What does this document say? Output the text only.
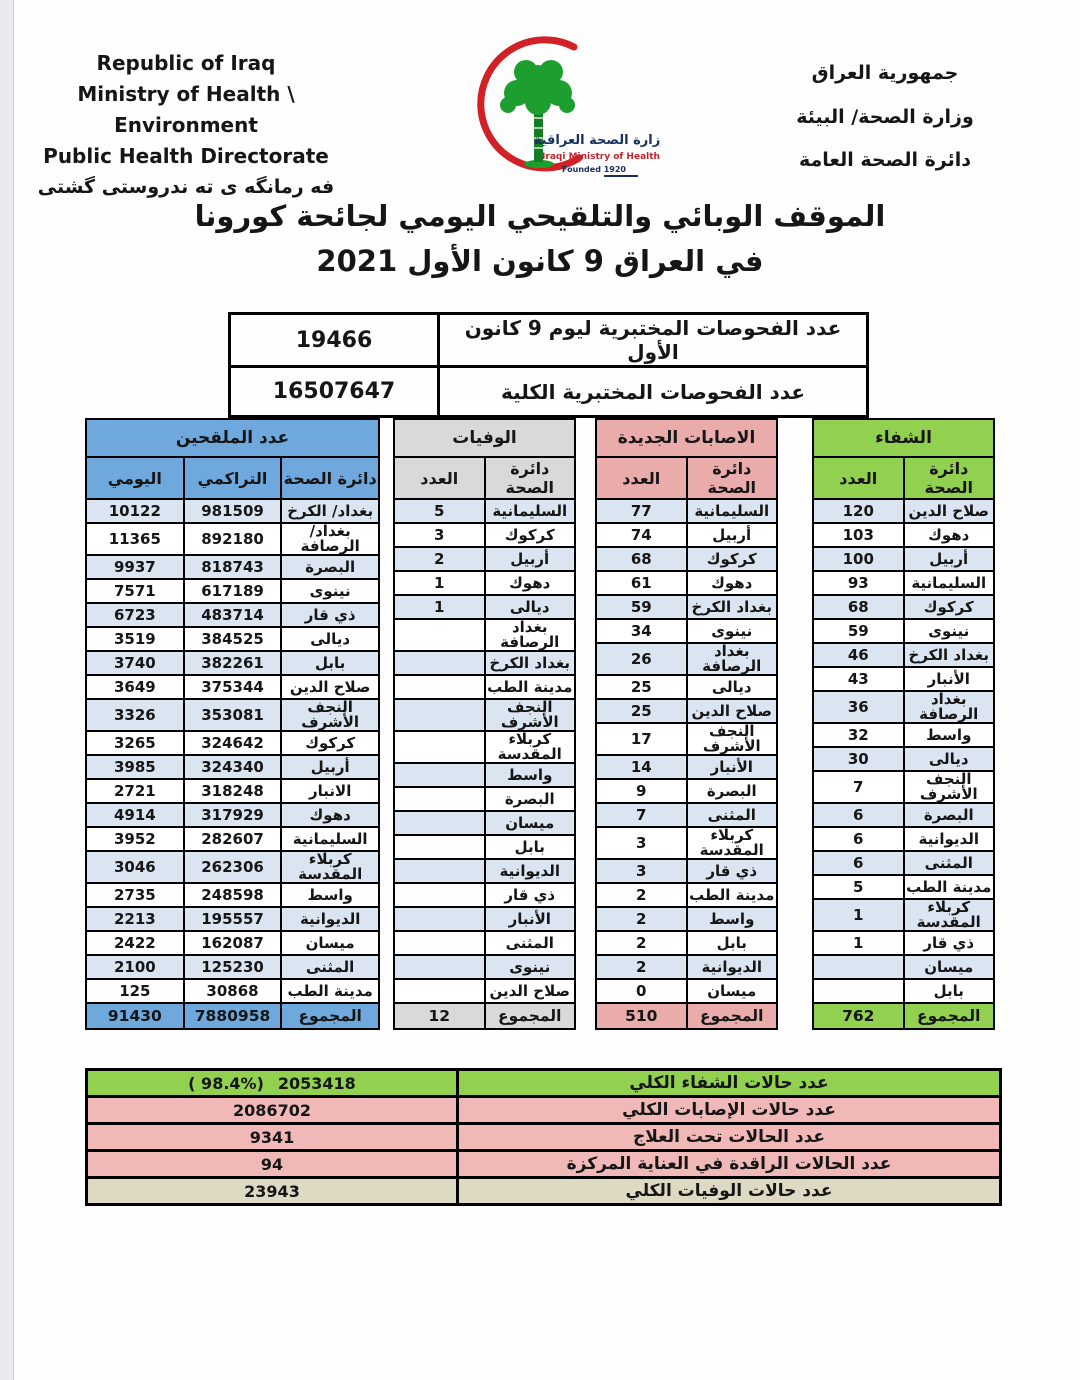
Republic of Iraq
Ministry of Health \ Environment
Public Health Directorate
فه رمانگه ی ته ندروستی گشتی
وزارة الصحة العراقية
Iraqi Ministry of Health
Founded 1920
جمهورية العراق
وزارة الصحة/ البيئة
دائرة الصحة العامة
الموقف الوبائي والتلقيحي اليومي لجائحة كورونا
في العراق 9 كانون الأول 2021
عدد الفحوصات المختبرية ليوم 9 كانون الأول	19466
عدد الفحوصات المختبرية الكلية	16507647
عدد الملقحين		
دائرة الصحة	التراكمي	اليومي
بغداد/ الكرخ	981509	10122
بغداد/ الرصافة	892180	11365
البصرة	818743	9937
نينوى	617189	7571
ذي قار	483714	6723
ديالى	384525	3519
بابل	382261	3740
صلاح الدين	375344	3649
النجف الأشرف	353081	3326
كركوك	324642	3265
أربيل	324340	3985
الانبار	318248	2721
دهوك	317929	4914
السليمانية	282607	3952
كربلاء المقدسة	262306	3046
واسط	248598	2735
الديوانية	195557	2213
ميسان	162087	2422
المثنى	125230	2100
مدينة الطب	30868	125
المجموع	7880958	91430
الوفيات	
دائرة الصحة	العدد
السليمانية	5
كركوك	3
أربيل	2
دهوك	1
ديالى	1
بغداد الرصافة	
بغداد الكرخ	
مدينة الطب	
النجف الأشرف	
كربلاء المقدسة	
واسط	
البصرة	
ميسان	
بابل	
الديوانية	
ذي قار	
الأنبار	
المثنى	
نينوى	
صلاح الدين	
المجموع	12
الاصابات الجديدة	
دائرة الصحة	العدد
السليمانية	77
أربيل	74
كركوك	68
دهوك	61
بغداد الكرخ	59
نينوى	34
بغداد الرصافة	26
ديالى	25
صلاح الدين	25
النجف الأشرف	17
الأنبار	14
البصرة	9
المثنى	7
كربلاء المقدسة	3
ذي قار	3
مدينة الطب	2
واسط	2
بابل	2
الديوانية	2
ميسان	0
المجموع	510
الشفاء	
دائرة الصحة	العدد
صلاح الدين	120
دهوك	103
أربيل	100
السليمانية	93
كركوك	68
نينوى	59
بغداد الكرخ	46
الأنبار	43
بغداد الرصافة	36
واسط	32
ديالى	30
النجف الأشرف	7
البصرة	6
الديوانية	6
المثنى	6
مدينة الطب	5
كربلاء المقدسة	1
ذي قار	1
ميسان	
بابل	
المجموع	762
عدد حالات الشفاء الكلي	( 98.4%) 2053418
عدد حالات الإصابات الكلي	2086702
عدد الحالات تحت العلاج	9341
عدد الحالات الراقدة في العناية المركزة	94
عدد حالات الوفيات الكلي	23943
